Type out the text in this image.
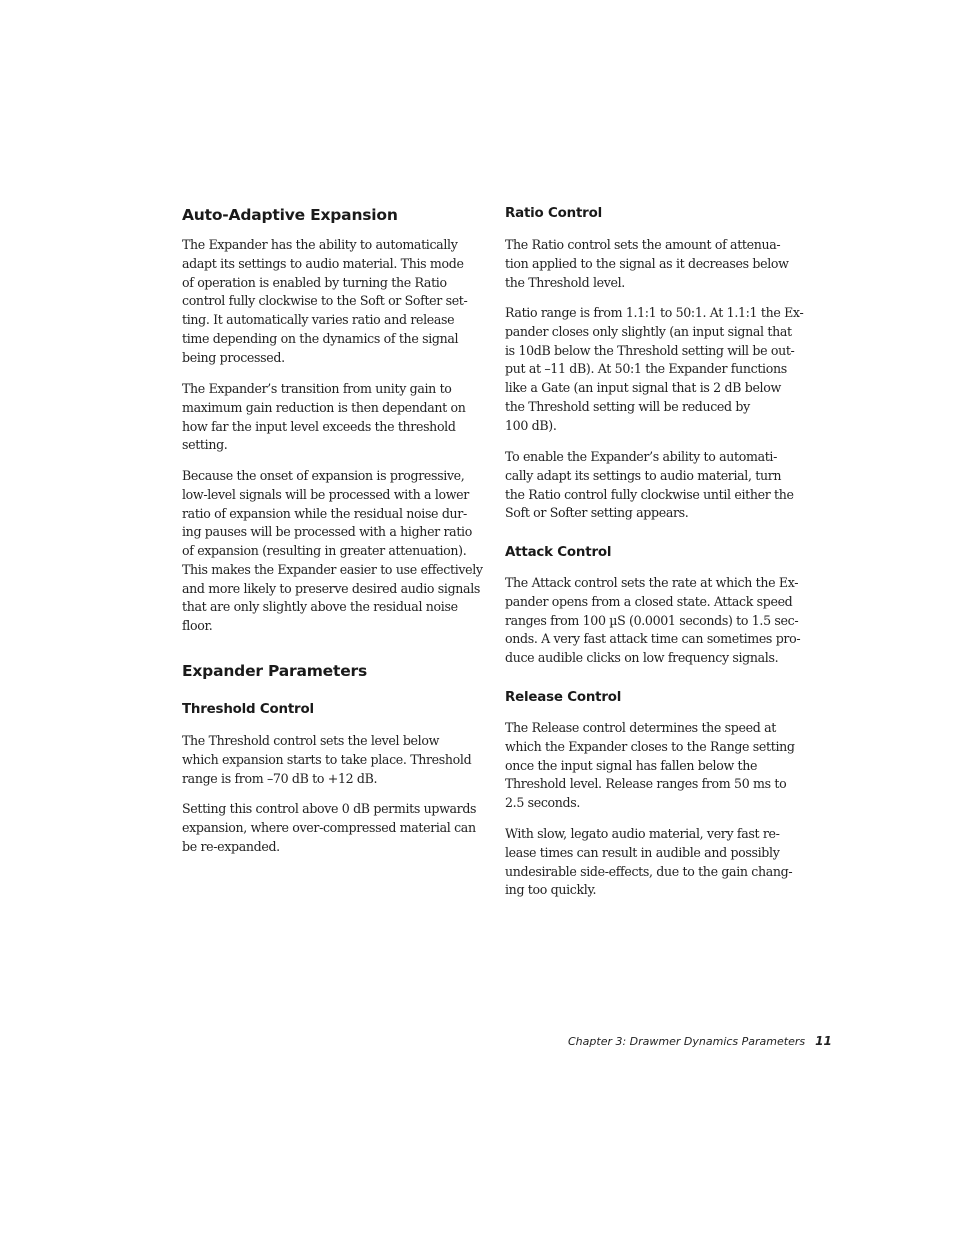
Auto-Adaptive Expansion

The Expander has the ability to automatically
adapt its settings to audio material. This mode
of operation is enabled by turning the Ratio
control fully clockwise to the Soft or Softer set-
ting. It automatically varies ratio and release
time depending on the dynamics of the signal
being processed.

The Expander’s transition from unity gain to
maximum gain reduction is then dependant on
how far the input level exceeds the threshold
setting.

Because the onset of expansion is progressive,
low-level signals will be processed with a lower
ratio of expansion while the residual noise dur-
ing pauses will be processed with a higher ratio
of expansion (resulting in greater attenuation).
This makes the Expander easier to use effectively
and more likely to preserve desired audio signals
that are only slightly above the residual noise
floor.

Expander Parameters
Threshold Control

The Threshold control sets the level below
which expansion starts to take place. Threshold
range is from –70 dB to +12 dB.

Setting this control above 0 dB permits upwards
expansion, where over-compressed material can
be re-expanded.

Ratio Control

The Ratio control sets the amount of attenua-
tion applied to the signal as it decreases below
the Threshold level.

Ratio range is from 1.1:1 to 50:1. At 1.1:1 the Ex-
pander closes only slightly (an input signal that
is 10dB below the Threshold setting will be out-
put at –11 dB). At 50:1 the Expander functions
like a Gate (an input signal that is 2 dB below
the Threshold setting will be reduced by
100 dB).

To enable the Expander’s ability to automati-
cally adapt its settings to audio material, turn
the Ratio control fully clockwise until either the
Soft or Softer setting appears.

Attack Control

The Attack control sets the rate at which the Ex-
pander opens from a closed state. Attack speed
ranges from 100 µS (0.0001 seconds) to 1.5 sec-
onds. A very fast attack time can sometimes pro-
duce audible clicks on low frequency signals.

Release Control

The Release control determines the speed at
which the Expander closes to the Range setting
once the input signal has fallen below the
Threshold level. Release ranges from 50 ms to
2.5 seconds.

With slow, legato audio material, very fast re-
lease times can result in audible and possibly
undesirable side-effects, due to the gain chang-
ing too quickly.

Chapter 3: Drawmer Dynamics Parameters 11
